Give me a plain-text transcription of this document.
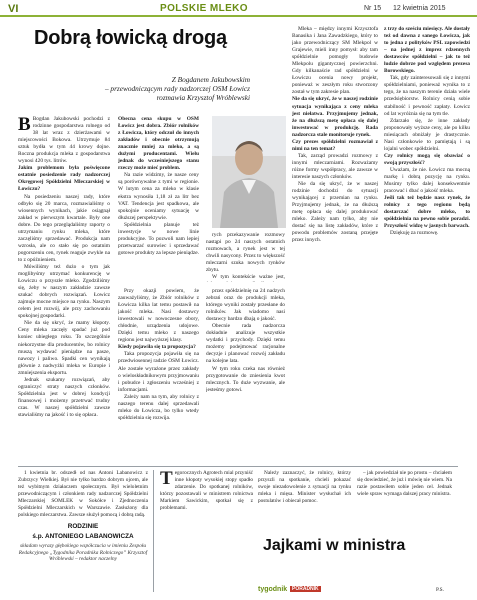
VI	POLSKIE MLEKO	Nr 15 12 kwietnia 2015
Dobrą łowicką drogą
Z Bogdanem Jakubowskim
– przewodniczącym rady nadzorczej OSM Łowicz
rozmawia Krzysztof Wróblewski

B Bogdan Jakubowski pochodzi z rodzinne gospodarstwa rolnego od 38 lat wraz z dzierżawami w miejscowości Bokowa. Utrzymuje 84 sztuk bydła w tym 44 krowy dojne. Roczna produkcja mleka z gospodarstwa wynosi 420 tys. litrów.

Jakim problemom była poświęcone ostatnie posiedzenie rady nadzorczej Okręgowej Spółdzielni Mleczarskiej w Łowiczu?

Na posiedzeniu naszej rady, które odbyło się 20 marca, rozmawialiśmy o wiosennych wynikach, jakie osiągnął zakład w pierwszym kwartale. Były one dobre. Do tego przeglądaliśmy raporty o utrzymaniu rynku mleka, które zaczęliśmy sprzedawać. Produkcja nam wzrosła, ale co stało się po ostatnim pogorszeniu cen, rynek reaguje zwykle na to z opóźnieniem.

Mówiliśmy też dużo o tym jak moglibyśmy utrzymać konkurencję w Łowiczu o przyszłe mleko. Zgodziliśmy się, żeby w naszym zakładzie zawsze szukać dobrych rozwiązań. Łowicz zajmuje mocne miejsce na rynku. Naszym celem jest rozwój, ale przy zachowaniu spokojnej gospodarki.

Nie da się ukryć, że mamy kłopoty. Ceny mleka zaczęły spadać już pod koniec ubiegłego roku. To szczególnie niekorzystne dla producentów, bo rolnicy muszą wydawać pieniądze na pasze, nawozy i paliwo. Spadki cen wynikają głównie z nadwyżki mleka w Europie i zmniejszenia eksportu.

Jednak szukamy rozwiązań, aby ograniczyć straty naszych członków. Spółdzielnia jest w dobrej kondycji finansowej i możemy przetrwać trudny czas. W naszej spółdzielni zawsze stawialiśmy na jakość i to się opłaca.

Obecna cena skupu w OSM Łowicz jest dobra. Zbiór rolników z Łowicza, który odczuł do innych zakładów i obecnie otrzymują znacznie mniej za mleko, a są dużymi producentami. Wielu jednak do wcześniejszego stanu rzeczy może mieć problem.

Na razie widzimy, że nasze ceny są porównywalne z tymi w regionie. W lutym cena za mleko w klasie ekstra wynosiła 1,18 zł za litr bez VAT. Tendencja jest spadkowa, ale spokojnie oceniamy sytuację w dłuższej perspektywie.

Spółdzielnia planuje też inwestycje w nowe linie produkcyjne. To pozwoli nam lepiej przetwarzać surowiec i sprzedawać gotowe produkty za lepsze pieniądze.

rych przekazywanie rozmowy nastąpi po 24 naszych ostatnich rozmowach, a rynek jest w tej chwili nasycony. Przez to większość mleczarni szuka nowych rynków zbytu.

W tym kontekście ważne jest,

Przy okazji powiem, że zauważyliśmy, że Zbiór rolników z Łowicza kilka lat temu postawił na jakość mleka. Nasi dostawcy inwestowali w nowoczesne obory, chłodnie, urządzenia udojowe. Dzięki temu mleko z naszego regionu jest najwyższej klasy.

Kiedy pojawiła się ta propozycja?

Taka propozycja pojawiła się na przedwiosennej radzie OSM Łowicz. Ale zostałe wyrażone przez zakłady o wieloskładnikowym przyjmowaniu i pobudce i zgłoszeniu wcześniej z informacjami.

Zależy nam na tym, aby rolnicy z naszego terenu dalej sprzedawali mleko do Łowicza, bo tylko wtedy spółdzielnia się rozwija.

przez spółdzielnię na 24 nadzych zebrań oraz do produkcji mleka, którego wyniki zostały przesłane do rolników. Jak wiadomo nasi dostawcy bardzo dbają o jakość.

Obecnie rada nadzorcza dokładnie analizuje wszystkie wydatki i przychody. Dzięki temu możemy podejmować racjonalne decyzje i planować rozwój zakładu na kolejne lata.

W tym roku czeka nas również przygotowanie do zniesienia kwot mlecznych. To duże wyzwanie, ale jesteśmy gotowi.

Mleka – między innymi Krzysztofa Banasika i Jana Zawadzkiego, który to jako przewodniczący SM Mlekpol w Grajewie, mieli inny pomysł: aby tam spółdzielnie pomogły budowie Mlekpolu gigantycznej powierzchni. Gdy kilkanaście rad spółdzielni w Łowiczu ocenia nowy projekt, ponieważ w zeszłym roku stworzony został w tym zakresie plan.

Nie da się ukryć, że w naszej rodzinie sytuacja wynikająca z ceny mleka jest niełatwa. Przyjmujemy jednak, że na dłuższą metę opłaca się dalej inwestować w produkcję. Rada nadzorcza stale monitoruje rynek.

Czy prezes spółdzielni rozmawiał z nimi na ten temat?

Tak, zarząd prowadzi rozmowy z innymi mleczarniami. Rozważamy różne formy współpracy, ale zawsze w interesie naszych członków.

Nie da się ukryć, że w naszej rodzinie dochodzi do sytuacji wynikającej z przemian na rynku. Przyjmujemy jednak, że na dłuższą metę opłaca się dalej produkować mleko. Zależy nam tylko, aby nie dostać się na listę zakładów, które z powodu problemów zostaną przejęte przez innych.

z trzy do sześciu miesięcy. Ale dostały też od dawna z sanego Łowicza, jak to jedna z polityków PSL zapowiedzi – na jednej z imprez rdzennych dostawców spółdzielni – jak to też ludzie dobrze pod względem prezesa Borowskiego.

Tak, gdy zainteresowali się z innymi spółdzielniami, ponieważ wynika to z tego, że na naszym terenie działa wiele przedsiębiorstw. Rolnicy cenią sobie stabilność i pewność zapłaty. Łowicz od lat wyróżnia się na tym tle.

Zdarzało się, że inne zakłady proponowały wyższe ceny, ale po kilku miesiącach obniżały je drastycznie. Nasi członkowie to pamiętają i są lojalni wobec spółdzielni.

Czy rolnicy mogą się obawiać o swoją przyszłość?

Uważam, że nie. Łowicz ma mocną markę i dobrą pozycję na rynku. Musimy tylko dalej konsekwentnie pracować i dbać o jakość mleka.

Jeśli tak też będzie nasz rynek, że rolnicy z tego regionu będą dostarczać dobre mleko, to spółdzielnia na pewno sobie poradzi. Przyszłość widzę w jasnych barwach.

Dziękuję za rozmowę.

1 kwietnia br. odszedł od nas Antoni Labanowicz z Zubrzycy Wielkiej. Był nie tylko bardzo dobrym ojcem, ale też wybitnym działaczem społecznym. Był wieloletnim przewodniczącym i członkiem rady nadzorczej Spółdzielni Mleczarskiej SOMLEK w Sokółce i Zjednoczenia Spółdzielni Mleczarskich w Warszawie. Zasłużony dla polskiego mleczarstwa. Zawsze służył pomocą i dobrą radą.

RODZINIE
ś.p. ANTONIEGO LABANOWICZA
składam wyrazy głębokiego współczucia w imieniu Zespołu Redakcyjnego „Tygodnika Poradnika Rolniczego” Krzysztof Wróblewski – redaktor naczelny

Tegorocznych Agrotech mial przyniść inne kłopoty wysokiej stopy spadło zdarzenie. Do spotkanej rolników, którzy pozostawali w ministrem rolnictwa Markiem Sawickim, spotkał się z problemami.

Należy zaznaczyć, że rolnicy, którzy przyszli na spotkanie, chcieli pokazać swoje niezadowolenie z sytuacji na rynku mleka i mięsa. Minister wysłuchał ich postulatów i obiecał pomoc.

Jajkami w ministra

– jak powiedział nie po prostu – chciałem się dowiedzieć, że już i mówię nie wiem. Na razie postawiłem sobie jeden cel. Jednak wiele spraw wymaga dalszej pracy ministra.

tygodnik PORADNIK	P.S.
